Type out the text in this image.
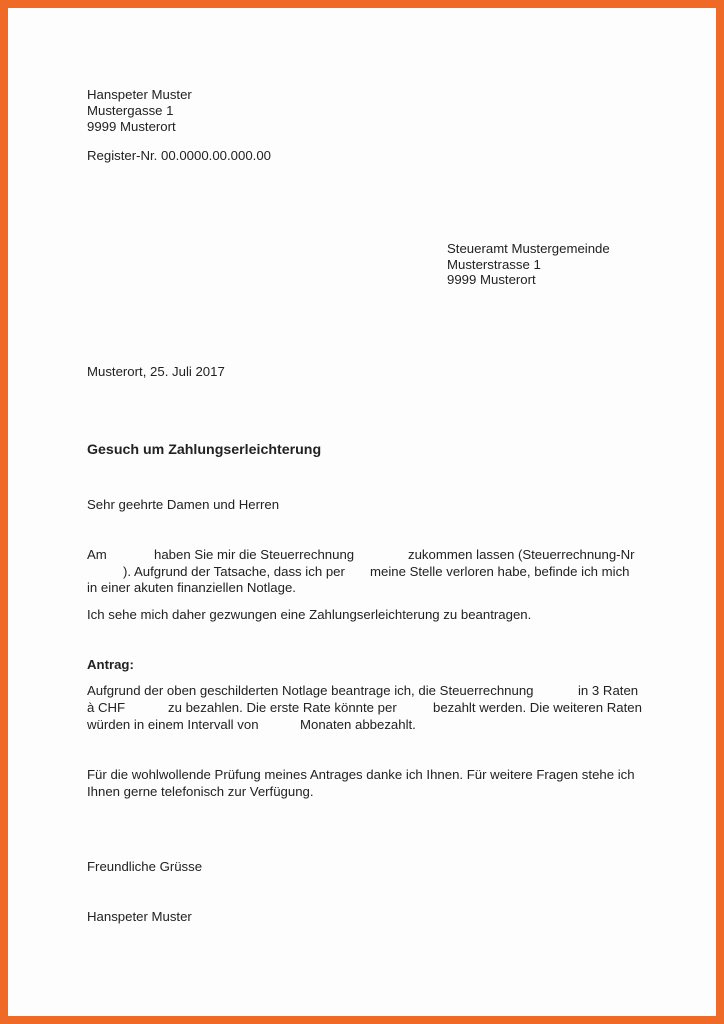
Hanspeter Muster
Mustergasse 1
9999 Musterort
Register-Nr. 00.0000.00.000.00
Steueramt Mustergemeinde
Musterstrasse 1
9999 Musterort
Musterort, 25. Juli 2017
Gesuch um Zahlungserleichterung
Sehr geehrte Damen und Herren
Am	haben Sie mir die Steuerrechnung	zukommen lassen (Steuerrechnung-Nr
). Aufgrund der Tatsache, dass ich per meine Stelle verloren habe, befinde ich mich
in einer akuten finanziellen Notlage.
Ich sehe mich daher gezwungen eine Zahlungserleichterung zu beantragen.
Antrag:
Aufgrund der oben geschilderten Notlage beantrage ich, die Steuerrechnung	in 3 Raten
à CHF	zu bezahlen. Die erste Rate könnte per	bezahlt werden. Die weiteren Raten
würden in einem Intervall von	Monaten abbezahlt.
Für die wohlwollende Prüfung meines Antrages danke ich Ihnen. Für weitere Fragen stehe ich
Ihnen gerne telefonisch zur Verfügung.
Freundliche Grüsse
Hanspeter Muster
